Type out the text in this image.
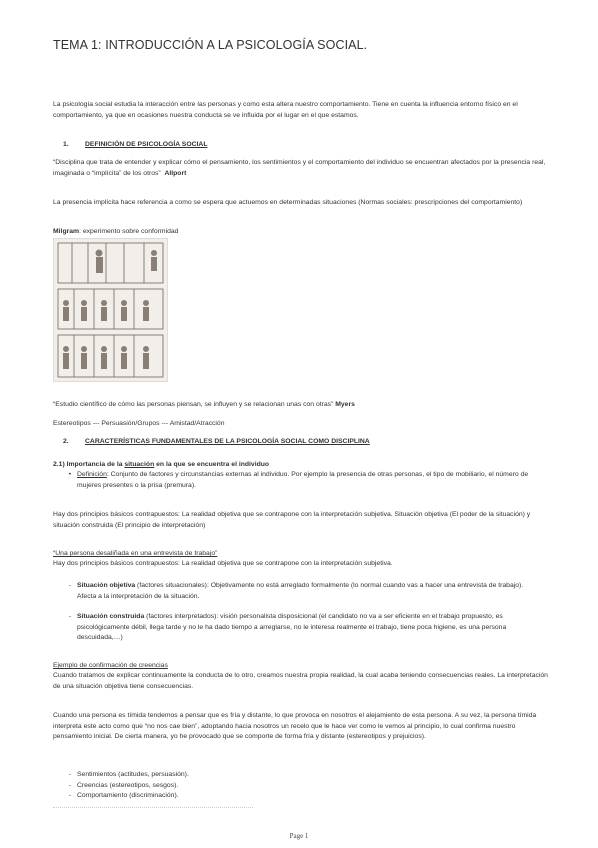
TEMA 1: INTRODUCCIÓN A LA PSICOLOGÍA SOCIAL.
La psicología social estudia la interacción entre las personas y como esta altera nuestro comportamiento. Tiene en cuenta la influencia entorno físico en el comportamiento, ya que en ocasiones nuestra conducta se ve influida por el lugar en el que estamos.
1. DEFINICIÓN DE PSICOLOGÍA SOCIAL
“Disciplina que trata de entender y explicar cómo el pensamiento, los sentimientos y el comportamiento del individuo se encuentran afectados por la presencia real, imaginada o “implícita” de los otros” Allport
La presencia implícita hace referencia a como se espera que actuemos en determinadas situaciones (Normas sociales: prescripciones del comportamiento)
Milgram: experimento sobre conformidad
“Estudio científico de cómo las personas piensan, se influyen y se relacionan unas con otras” Myers
Estereotipos --- Persuasión/Grupos --- Amistad/Atracción
2. CARACTERÍSTICAS FUNDAMENTALES DE LA PSICOLOGÍA SOCIAL COMO DISCIPLINA
2.1) Importancia de la situación en la que se encuentra el individuo
• Definición: Conjunto de factores y circunstancias externas al individuo. Por ejemplo la presencia de otras personas, el tipo de mobiliario, el número de mujeres presentes o la prisa (premura).
Hay dos principios básicos contrapuestos: La realidad objetiva que se contrapone con la interpretación subjetiva. Situación objetiva (El poder de la situación) y situación construida (El principio de interpretación)
“Una persona desaliñada en una entrevista de trabajo”
Hay dos principios básicos contrapuestos: La realidad objetiva que se contrapone con la interpretación subjetiva.
- Situación objetiva (factores situacionales): Objetivamente no está arreglado formalmente (lo normal cuando vas a hacer una entrevista de trabajo). Afecta a la interpretación de la situación.
- Situación construida (factores interpretados): visión personalista disposicional (el candidato no va a ser eficiente en el trabajo propuesto, es psicológicamente débil, llega tarde y no le ha dado tiempo a arreglarse, no le interesa realmente el trabajo, tiene poca higiene, es una persona descuidada,…)
Ejemplo de confirmación de creencias
Cuando tratamos de explicar continuamente la conducta de lo otro, creamos nuestra propia realidad, la cual acaba teniendo consecuencias reales. La interpretación de una situación objetiva tiene consecuencias.
Cuando una persona es tímida tendemos a pensar que es fría y distante, lo que provoca en nosotros el alejamiento de esta persona. A su vez, la persona tímida interpreta este acto como que “no nos cae bien”, adoptando hacia nosotros un recelo que le hace ver como le vemos al principio, lo cual confirma nuestro pensamiento inicial. De cierta manera, yo he provocado que se comporte de forma fría y distante (estereotipos y prejuicios).
- Sentimientos (actitudes, persuasión).
- Creencias (estereotipos, sesgos).
- Comportamiento (discriminación).
Page 1
